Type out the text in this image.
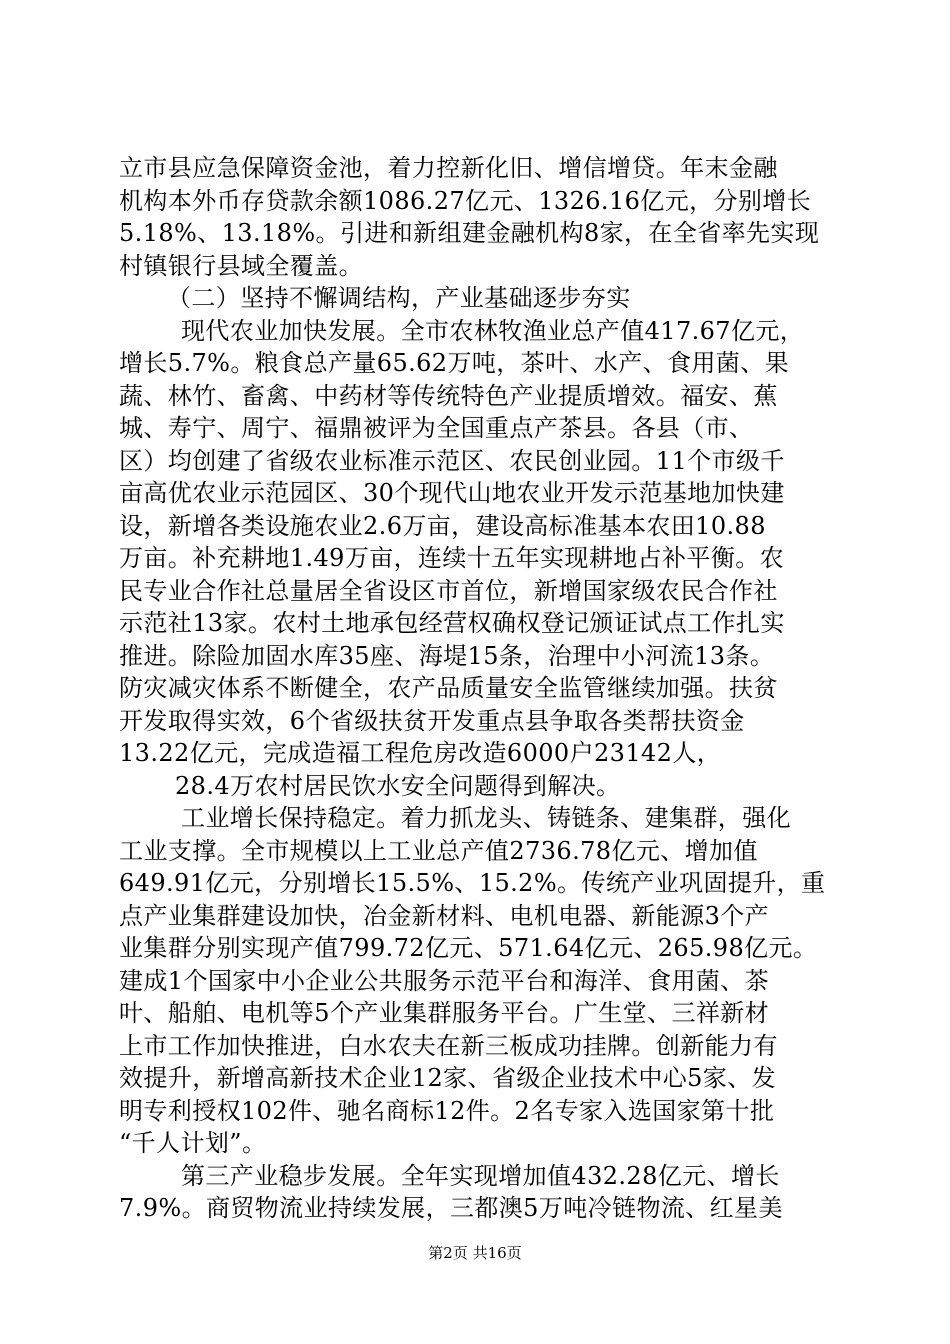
立市县应急保障资金池，着力控新化旧、增信增贷。年末金融
机构本外币存贷款余额1086.27亿元、1326.16亿元，分别增长
5.18%、13.18%。引进和新组建金融机构8家，在全省率先实现
村镇银行县域全覆盖。
（二）坚持不懈调结构，产业基础逐步夯实
现代农业加快发展。全市农林牧渔业总产值417.67亿元，
增长5.7%。粮食总产量65.62万吨，茶叶、水产、食用菌、果
蔬、林竹、畜禽、中药材等传统特色产业提质增效。福安、蕉
城、寿宁、周宁、福鼎被评为全国重点产茶县。各县（市、
区）均创建了省级农业标准示范区、农民创业园。11个市级千
亩高优农业示范园区、30个现代山地农业开发示范基地加快建
设，新增各类设施农业2.6万亩，建设高标准基本农田10.88
万亩。补充耕地1.49万亩，连续十五年实现耕地占补平衡。农
民专业合作社总量居全省设区市首位，新增国家级农民合作社
示范社13家。农村土地承包经营权确权登记颁证试点工作扎实
推进。除险加固水库35座、海堤15条，治理中小河流13条。
防灾减灾体系不断健全，农产品质量安全监管继续加强。扶贫
开发取得实效，6个省级扶贫开发重点县争取各类帮扶资金
13.22亿元，完成造福工程危房改造6000户23142人，
28.4万农村居民饮水安全问题得到解决。
工业增长保持稳定。着力抓龙头、铸链条、建集群，强化
工业支撑。全市规模以上工业总产值2736.78亿元、增加值
649.91亿元，分别增长15.5%、15.2%。传统产业巩固提升，重
点产业集群建设加快，冶金新材料、电机电器、新能源3个产
业集群分别实现产值799.72亿元、571.64亿元、265.98亿元。
建成1个国家中小企业公共服务示范平台和海洋、食用菌、茶
叶、船舶、电机等5个产业集群服务平台。广生堂、三祥新材
上市工作加快推进，白水农夫在新三板成功挂牌。创新能力有
效提升，新增高新技术企业12家、省级企业技术中心5家、发
明专利授权102件、驰名商标12件。2名专家入选国家第十批
“千人计划”。
第三产业稳步发展。全年实现增加值432.28亿元、增长
7.9%。商贸物流业持续发展，三都澳5万吨冷链物流、红星美
第2页 共16页
